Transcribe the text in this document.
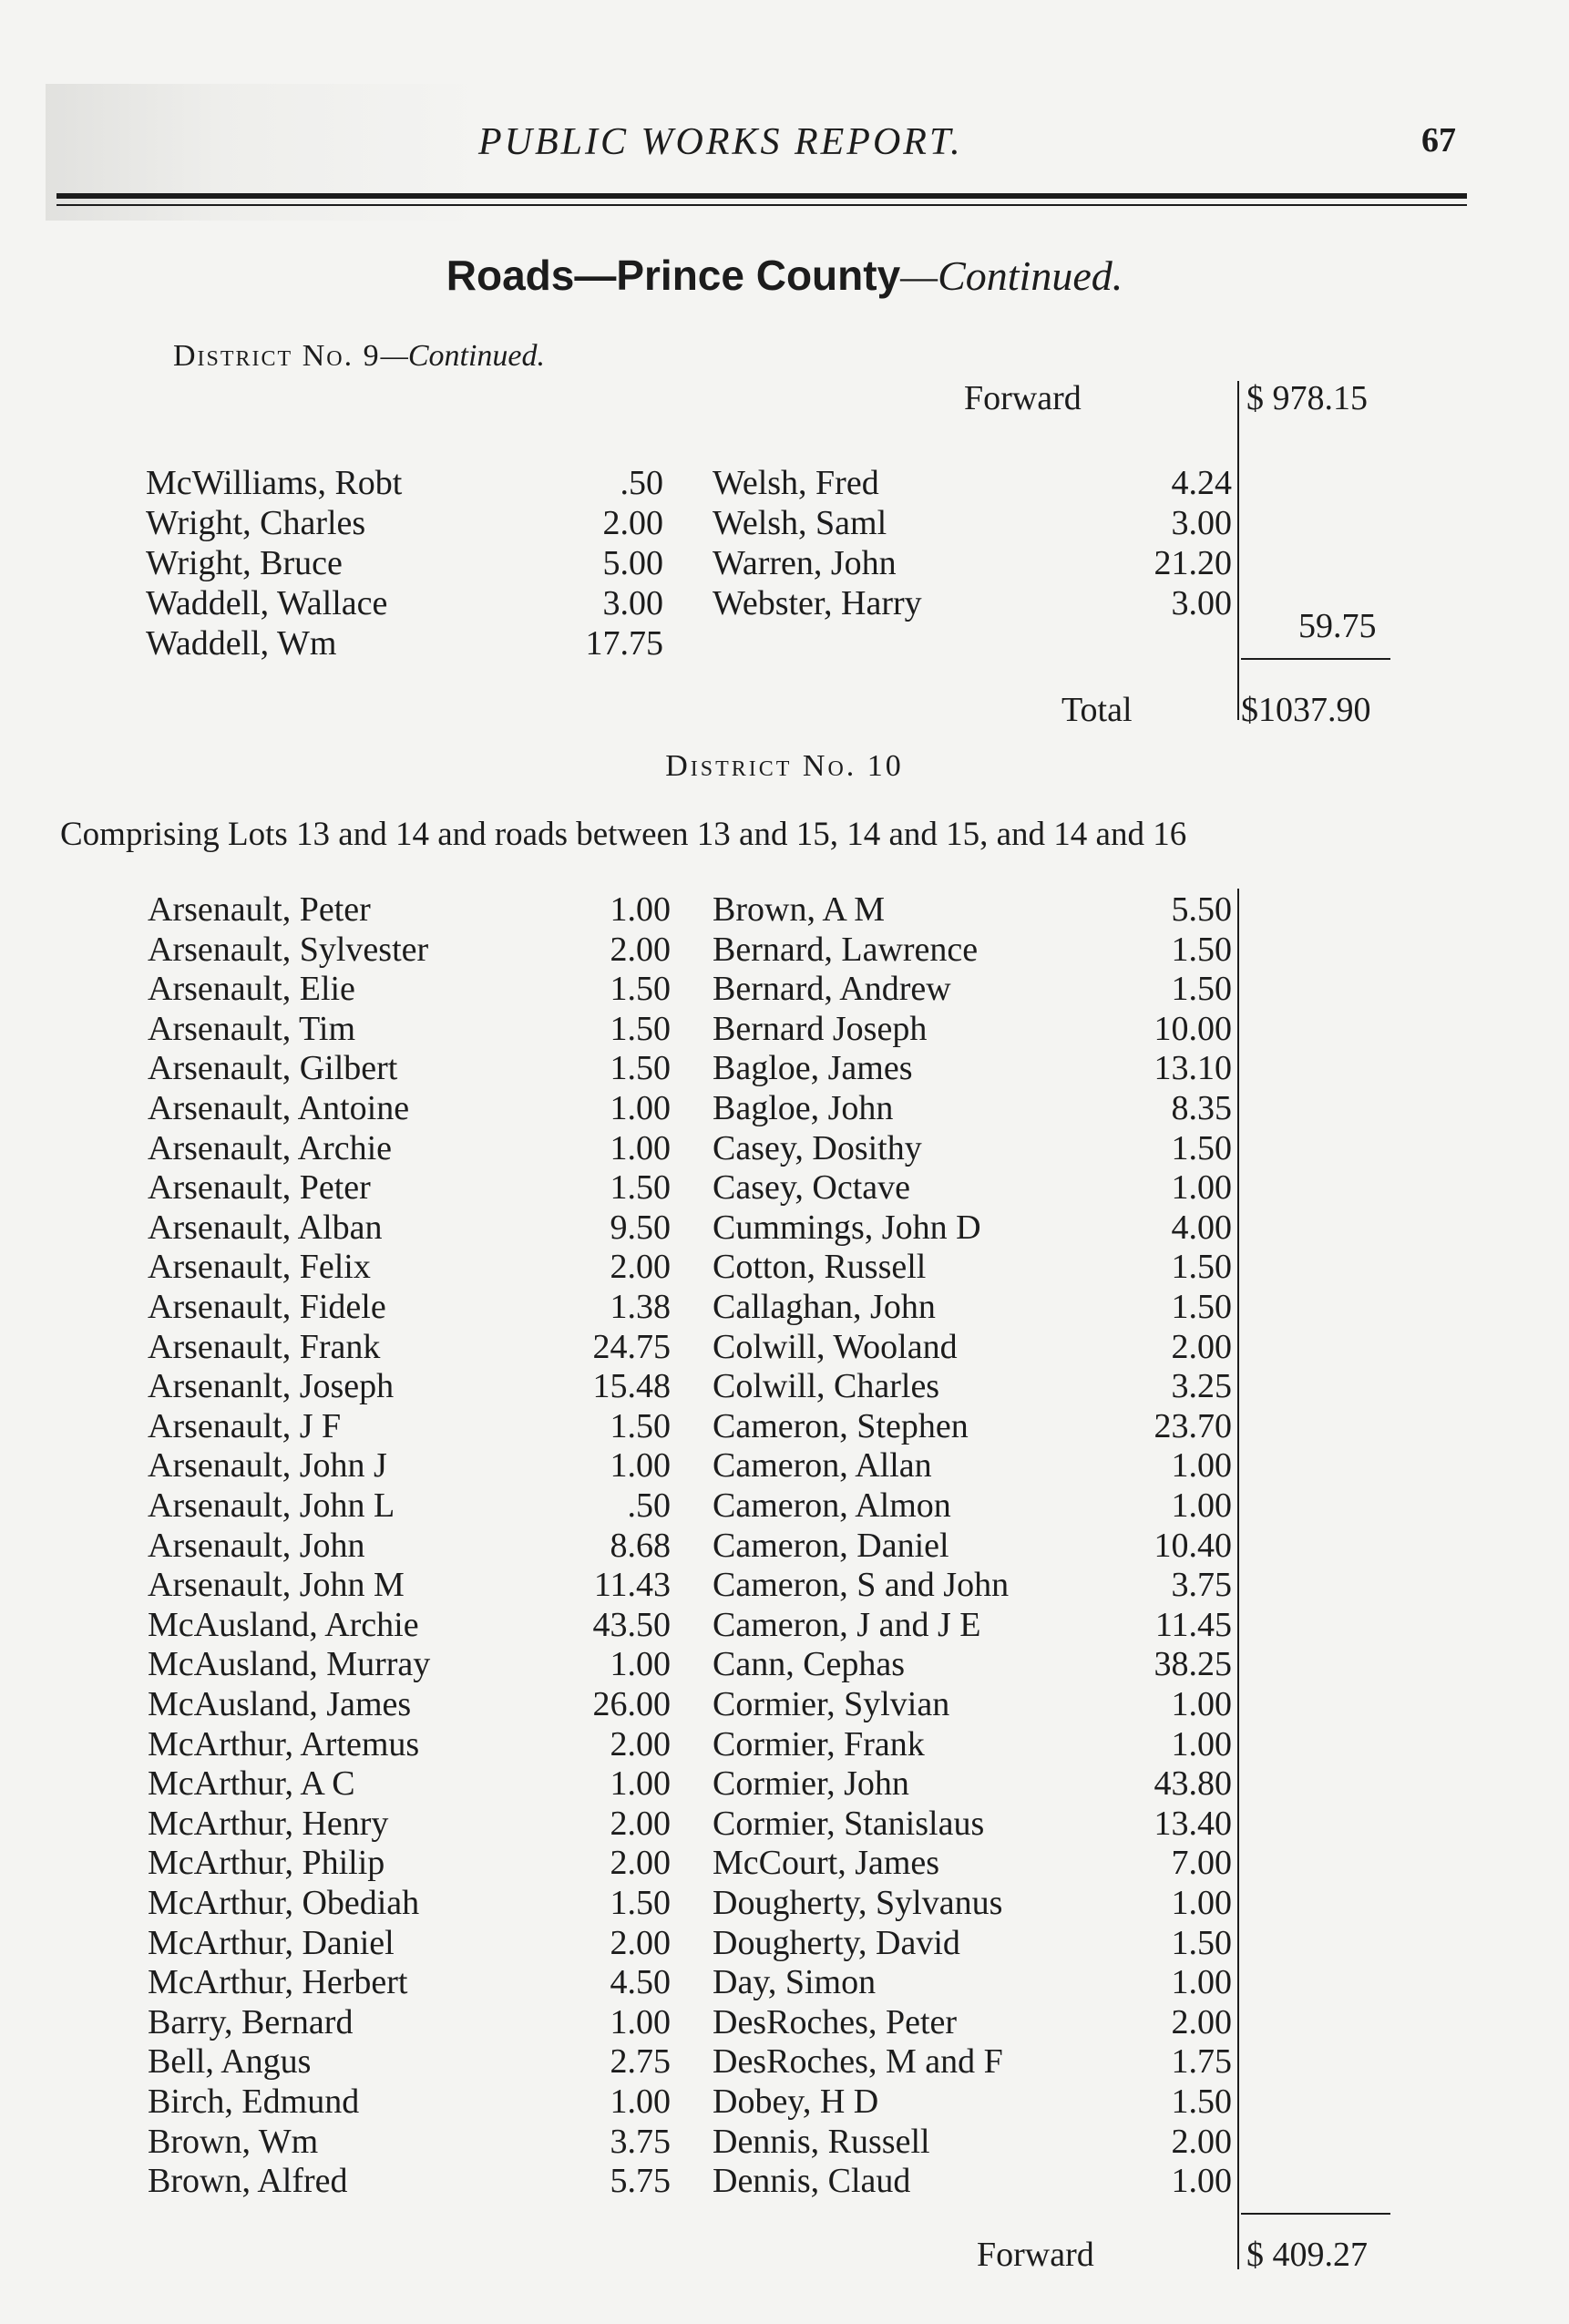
PUBLIC WORKS REPORT.	67
Roads—Prince County—Continued.
District No. 9—Continued.
Forward	$ 978.15
McWilliams, Robt	.50
Wright, Charles	2.00
Wright, Bruce	5.00
Waddell, Wallace	3.00
Waddell, Wm	17.75
Welsh, Fred	4.24
Welsh, Saml	3.00
Warren, John	21.20
Webster, Harry	3.00
59.75
Total	$1037.90
District No. 10
Comprising Lots 13 and 14 and roads between 13 and 15, 14 and 15, and 14 and 16
Arsenault, Peter	1.00
Arsenault, Sylvester	2.00
Arsenault, Elie	1.50
Arsenault, Tim	1.50
Arsenault, Gilbert	1.50
Arsenault, Antoine	1.00
Arsenault, Archie	1.00
Arsenault, Peter	1.50
Arsenault, Alban	9.50
Arsenault, Felix	2.00
Arsenault, Fidele	1.38
Arsenault, Frank	24.75
Arsenanlt, Joseph	15.48
Arsenault, J F	1.50
Arsenault, John J	1.00
Arsenault, John L	.50
Arsenault, John	8.68
Arsenault, John M	11.43
McAusland, Archie	43.50
McAusland, Murray	1.00
McAusland, James	26.00
McArthur, Artemus	2.00
McArthur, A C	1.00
McArthur, Henry	2.00
McArthur, Philip	2.00
McArthur, Obediah	1.50
McArthur, Daniel	2.00
McArthur, Herbert	4.50
Barry, Bernard	1.00
Bell, Angus	2.75
Birch, Edmund	1.00
Brown, Wm	3.75
Brown, Alfred	5.75
Brown, A M	5.50
Bernard, Lawrence	1.50
Bernard, Andrew	1.50
Bernard Joseph	10.00
Bagloe, James	13.10
Bagloe, John	8.35
Casey, Dosithy	1.50
Casey, Octave	1.00
Cummings, John D	4.00
Cotton, Russell	1.50
Callaghan, John	1.50
Colwill, Wooland	2.00
Colwill, Charles	3.25
Cameron, Stephen	23.70
Cameron, Allan	1.00
Cameron, Almon	1.00
Cameron, Daniel	10.40
Cameron, S and John	3.75
Cameron, J and J E	11.45
Cann, Cephas	38.25
Cormier, Sylvian	1.00
Cormier, Frank	1.00
Cormier, John	43.80
Cormier, Stanislaus	13.40
McCourt, James	7.00
Dougherty, Sylvanus	1.00
Dougherty, David	1.50
Day, Simon	1.00
DesRoches, Peter	2.00
DesRoches, M and F	1.75
Dobey, H D	1.50
Dennis, Russell	2.00
Dennis, Claud	1.00
Forward	$ 409.27
